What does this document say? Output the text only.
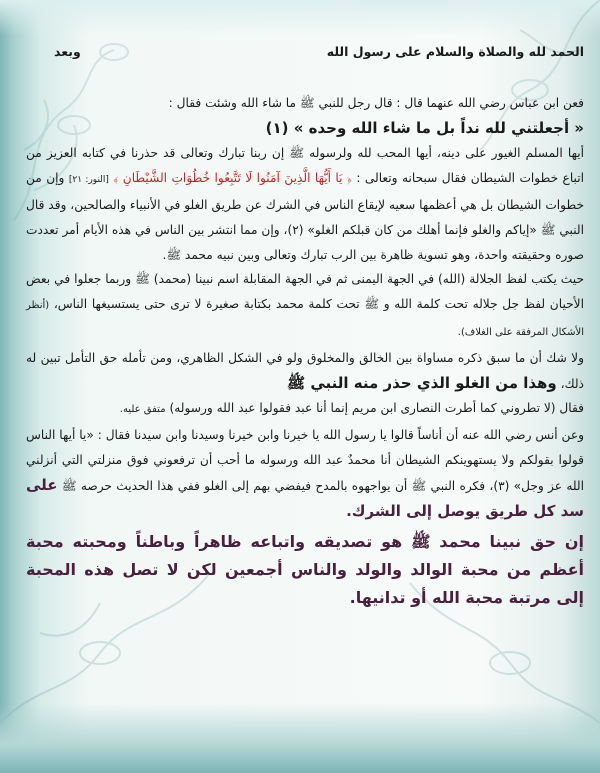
الحمد لله والصلاة والسلام على رسول الله
وبعد

فعن ابن عباس رضي الله عنهما قال : قال رجل للنبي ﷺ ما شاء الله وشئت فقال :
« أجعلتني لله نداً بل ما شاء الله وحده » (١)

أيها المسلم الغيور على دينه، أيها المحب لله ولرسوله ﷺ إن ربنا تبارك وتعالى قد حذرنا في كتابه العزيز من اتباع خطوات الشيطان فقال سبحانه وتعالى : ﴿ يَا أَيُّهَا الَّذِينَ آمَنُوا لَا تَتَّبِعُوا خُطُوَاتِ الشَّيْطَانِ ﴾ [النور: ٢١] وإن من خطوات الشيطان بل هي أعظمها سعيه لإيقاع الناس في الشرك عن طريق الغلو في الأنبياء والصالحين، وقد قال النبي ﷺ «إياكم والغلو فإنما أهلك من كان قبلكم الغلو» (٢)، وإن مما انتشر بين الناس في هذه الأيام أمر تعددت صوره وحقيقته واحدة، وهو تسوية ظاهرة بين الرب تبارك وتعالى وبين نبيه محمد ﷺ.

حيث يكتب لفظ الجلالة (الله) في الجهة اليمنى ثم في الجهة المقابلة اسم نبينا (محمد) ﷺ وربما جعلوا في بعض الأحيان لفظ جل جلاله تحت كلمة الله و ﷺ تحت كلمة محمد بكتابة صغيرة لا ترى حتى يستسيغها الناس، (أنظر الأشكال المرفقة على الغلاف).

ولا شك أن ما سبق ذكره مساواة بين الخالق والمخلوق ولو في الشكل الظاهري، ومن تأمله حق التأمل تبين له ذلك، وهذا من الغلو الذي حذر منه النبي ﷺ

فقال (لا تطروني كما أطرت النصارى ابن مريم إنما أنا عبد فقولوا عبد الله ورسوله) متفق عليه.

وعن أنس رضي الله عنه أن أناساً قالوا يا رسول الله يا خيرنا وابن خيرنا وسيدنا وابن سيدنا فقال : «يا أيها الناس قولوا بقولكم ولا يستهوينكم الشيطان أنا محمدٌ عبد الله ورسوله ما أحب أن ترفعوني فوق منزلتي التي أنزلني الله عز وجل» (٣)، فكره النبي ﷺ أن يواجهوه بالمدح فيفضي بهم إلى الغلو ففي هذا الحديث حرصه ﷺ على سد كل طريق يوصل إلى الشرك.

إن حق نبينا محمد ﷺ هو تصديقه واتباعه ظاهراً وباطناً ومحبته محبة أعظم من محبة الوالد والولد والناس أجمعين لكن لا تصل هذه المحبة إلى مرتبة محبة الله أو تدانيها.
